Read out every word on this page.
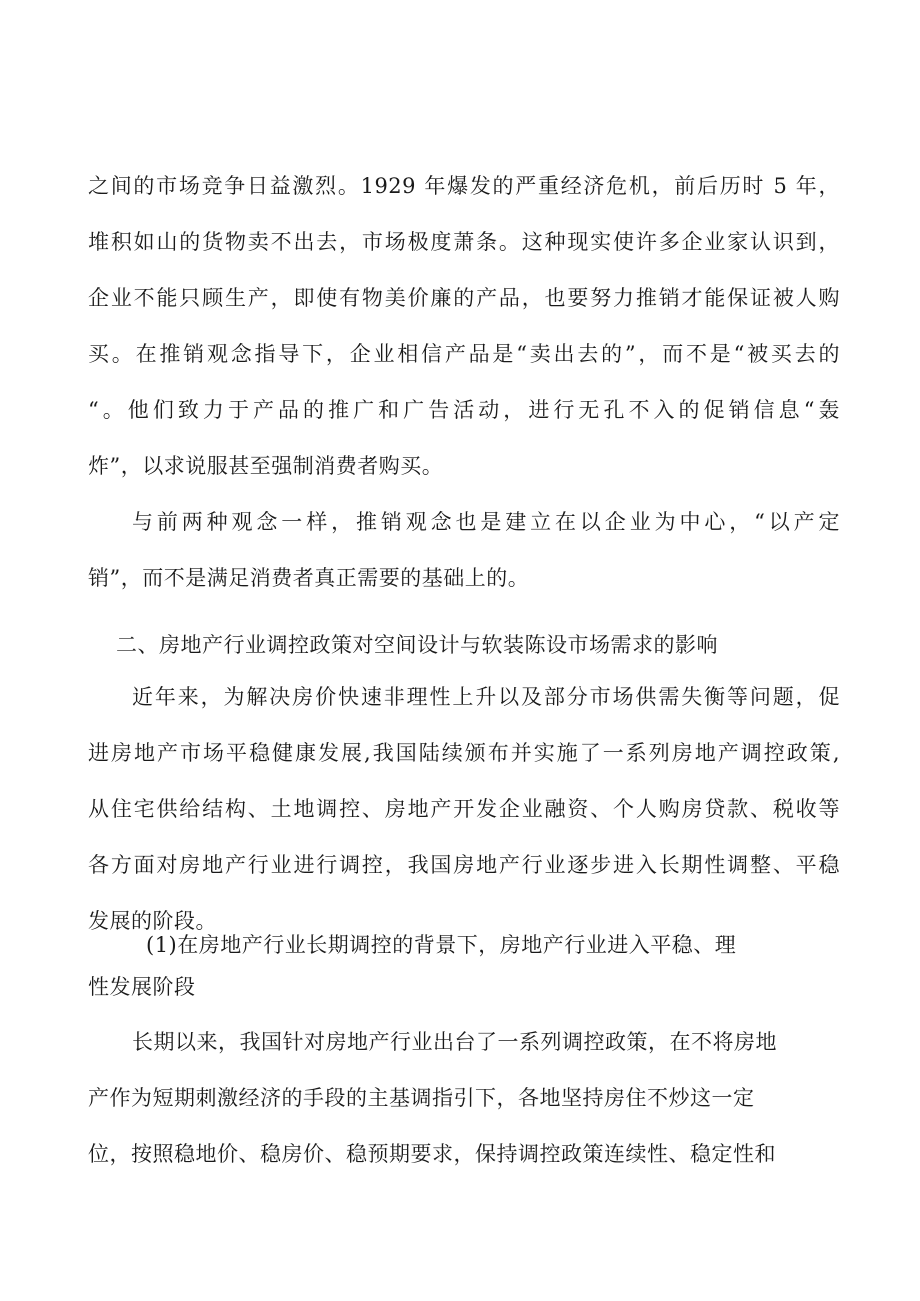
之间的市场竞争日益激烈。1929 年爆发的严重经济危机，前后历时 5 年，
堆积如山的货物卖不出去，市场极度萧条。这种现实使许多企业家认识到，
企业不能只顾生产，即使有物美价廉的产品，也要努力推销才能保证被人购
买。在推销观念指导下，企业相信产品是“卖出去的”，而不是“被买去的
“。他们致力于产品的推广和广告活动，进行无孔不入的促销信息“轰
炸”，以求说服甚至强制消费者购买。
与前两种观念一样，推销观念也是建立在以企业为中心，“以产定
销”，而不是满足消费者真正需要的基础上的。
二、房地产行业调控政策对空间设计与软装陈设市场需求的影响
近年来，为解决房价快速非理性上升以及部分市场供需失衡等问题，促
进房地产市场平稳健康发展,我国陆续颁布并实施了一系列房地产调控政策,
从住宅供给结构、土地调控、房地产开发企业融资、个人购房贷款、税收等
各方面对房地产行业进行调控，我国房地产行业逐步进入长期性调整、平稳
发展的阶段。
(1)在房地产行业长期调控的背景下，房地产行业进入平稳、理
性发展阶段
长期以来，我国针对房地产行业出台了一系列调控政策，在不将房地
产作为短期刺激经济的手段的主基调指引下，各地坚持房住不炒这一定
位，按照稳地价、稳房价、稳预期要求，保持调控政策连续性、稳定性和
